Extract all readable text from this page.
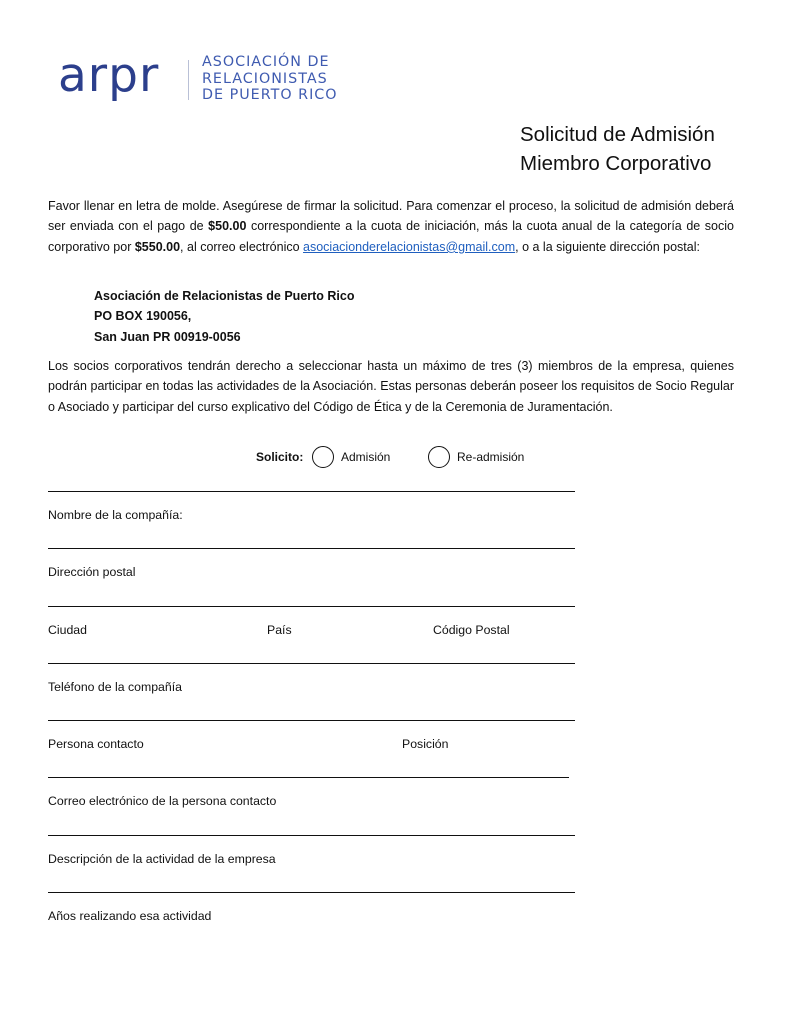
arpr	ASOCIACIÓN DE
RELACIONISTAS
DE PUERTO RICO
Solicitud de Admisión
Miembro Corporativo
Favor llenar en letra de molde. Asegúrese de firmar la solicitud. Para comenzar el proceso, la solicitud de admisión deberá ser enviada con el pago de $50.00 correspondiente a la cuota de iniciación, más la cuota anual de la categoría de socio corporativo por $550.00, al correo electrónico asociacionderelacionistas@gmail.com, o a la siguiente dirección postal:
Asociación de Relacionistas de Puerto Rico
PO BOX 190056,
San Juan PR 00919-0056
Los socios corporativos tendrán derecho a seleccionar hasta un máximo de tres (3) miembros de la empresa, quienes podrán participar en todas las actividades de la Asociación. Estas personas deberán poseer los requisitos de Socio Regular o Asociado y participar del curso explicativo del Código de Ética y de la Ceremonia de Juramentación.
Solicito:	Admisión	Re-admisión
Nombre de la compañía:
Dirección postal
Ciudad	País	Código Postal
Teléfono de la compañía
Persona contacto	Posición
Correo electrónico de la persona contacto
Descripción de la actividad de la empresa
Años realizando esa actividad
